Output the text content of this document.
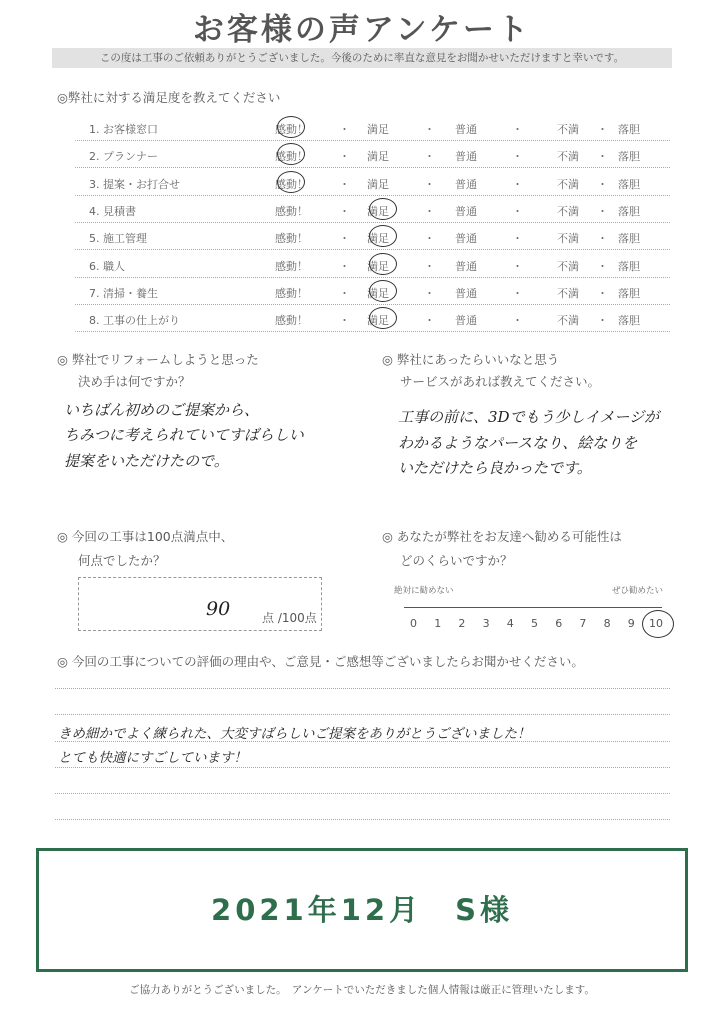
お客様の声アンケート
この度は工事のご依頼ありがとうございました。今後のために率直な意見をお聞かせいただけますと幸いです。
◎弊社に対する満足度を教えてください
1. お客様窓口	感動！	満足	普通	不満	落胆
・	・	・	・
2. プランナー	感動！	満足	普通	不満	落胆
・	・	・	・
3. 提案・お打合せ	感動！	満足	普通	不満	落胆
・	・	・	・
4. 見積書	感動！	満足	普通	不満	落胆
・	・	・	・
5. 施工管理	感動！	満足	普通	不満	落胆
・	・	・	・
6. 職人	感動！	満足	普通	不満	落胆
・	・	・	・
7. 清掃・養生	感動！	満足	普通	不満	落胆
・	・	・	・
8. 工事の仕上がり	感動！	満足	普通	不満	落胆
・	・	・	・
◎ 弊社でリフォームしようと思った
決め手は何ですか？
いちばん初めのご提案から、
ちみつに考えられていてすばらしい
提案をいただけたので。
◎ 弊社にあったらいいなと思う
サービスがあれば教えてください。
工事の前に、3Dでもう少しイメージが
わかるようなパースなり、絵なりを
いただけたら良かったです。
◎ 今回の工事は100点満点中、
何点でしたか？
90	点 /100点
◎ あなたが弊社をお友達へ勧める可能性は
どのくらいですか？
絶対に勧めない	ぜひ勧めたい
0 1 2 3 4 5 6 7 8 9 10
◎ 今回の工事についての評価の理由や、ご意見・ご感想等ございましたらお聞かせください。
きめ細かでよく練られた、大変すばらしいご提案をありがとうございました！
とても快適にすごしています！
2021年12月　S様
ご協力ありがとうございました。　アンケートでいただきました個人情報は厳正に管理いたします。
